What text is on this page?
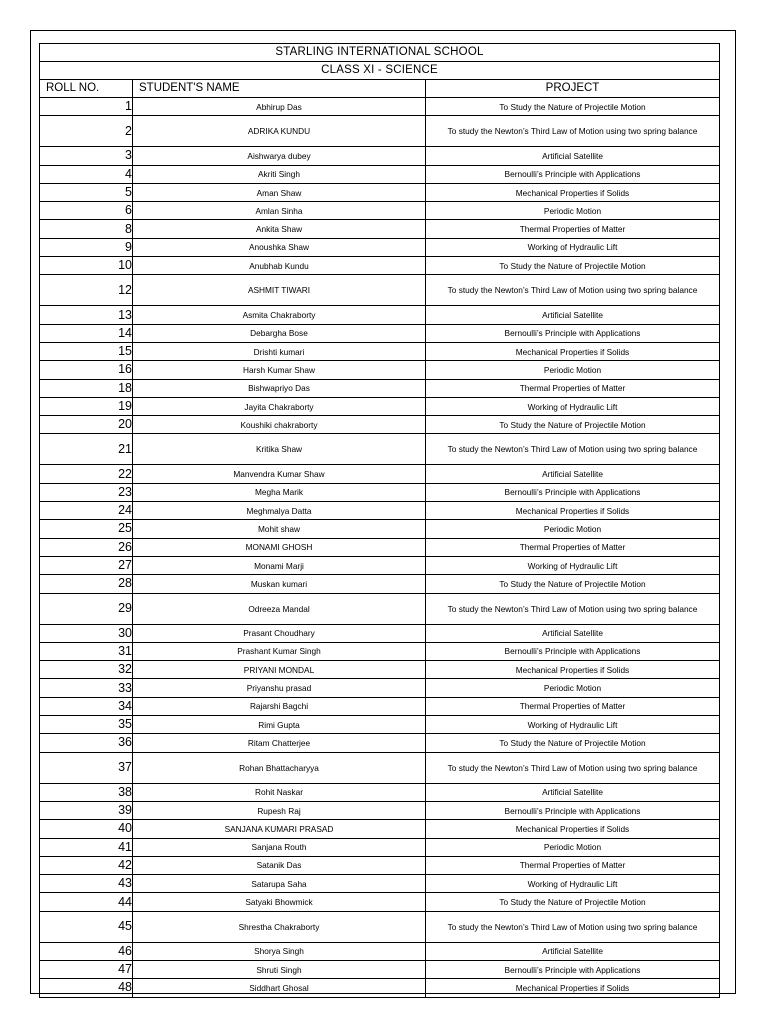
STARLING INTERNATIONAL SCHOOL		
CLASS XI - SCIENCE		
ROLL NO.	STUDENT'S NAME	PROJECT
1	Abhirup Das	To Study the Nature of Projectile Motion
2	ADRIKA KUNDU	To study the Newton’s Third Law of Motion using two spring balance
3	Aishwarya dubey	Artificial Satellite
4	Akriti Singh	Bernoulli’s Principle with Applications
5	Aman Shaw	Mechanical Properties if Solids
6	Amlan Sinha	Periodic Motion
8	Ankita Shaw	Thermal Properties of Matter
9	Anoushka Shaw	Working of Hydraulic Lift
10	Anubhab Kundu	To Study the Nature of Projectile Motion
12	ASHMIT TIWARI	To study the Newton’s Third Law of Motion using two spring balance
13	Asmita Chakraborty	Artificial Satellite
14	Debargha Bose	Bernoulli’s Principle with Applications
15	Drishti kumari	Mechanical Properties if Solids
16	Harsh Kumar Shaw	Periodic Motion
18	Bishwapriyo Das	Thermal Properties of Matter
19	Jayita Chakraborty	Working of Hydraulic Lift
20	Koushiki chakraborty	To Study the Nature of Projectile Motion
21	Kritika Shaw	To study the Newton’s Third Law of Motion using two spring balance
22	Manvendra Kumar Shaw	Artificial Satellite
23	Megha Marik	Bernoulli’s Principle with Applications
24	Meghmalya Datta	Mechanical Properties if Solids
25	Mohit shaw	Periodic Motion
26	MONAMI GHOSH	Thermal Properties of Matter
27	Monami Marji	Working of Hydraulic Lift
28	Muskan kumari	To Study the Nature of Projectile Motion
29	Odreeza Mandal	To study the Newton’s Third Law of Motion using two spring balance
30	Prasant Choudhary	Artificial Satellite
31	Prashant Kumar Singh	Bernoulli’s Principle with Applications
32	PRIYANI MONDAL	Mechanical Properties if Solids
33	Priyanshu prasad	Periodic Motion
34	Rajarshi Bagchi	Thermal Properties of Matter
35	Rimi Gupta	Working of Hydraulic Lift
36	Ritam Chatterjee	To Study the Nature of Projectile Motion
37	Rohan Bhattacharyya	To study the Newton’s Third Law of Motion using two spring balance
38	Rohit Naskar	Artificial Satellite
39	Rupesh Raj	Bernoulli’s Principle with Applications
40	SANJANA KUMARI PRASAD	Mechanical Properties if Solids
41	Sanjana Routh	Periodic Motion
42	Satanik Das	Thermal Properties of Matter
43	Satarupa Saha	Working of Hydraulic Lift
44	Satyaki Bhowmick	To Study the Nature of Projectile Motion
45	Shrestha Chakraborty	To study the Newton’s Third Law of Motion using two spring balance
46	Shorya Singh	Artificial Satellite
47	Shruti Singh	Bernoulli’s Principle with Applications
48	Siddhart Ghosal	Mechanical Properties if Solids
